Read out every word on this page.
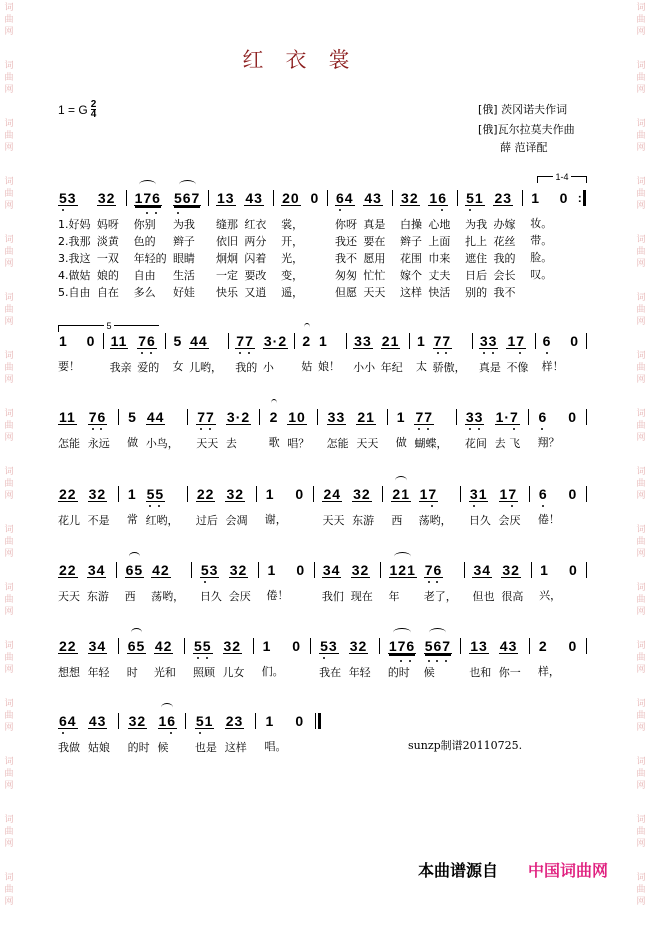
词
曲
网
词
曲
网
词
曲
网
词
曲
网
词
曲
网
词
曲
网
词
曲
网
词
曲
网
词
曲
网
词
曲
网
词
曲
网
词
曲
网
词
曲
网
词
曲
网
词
曲
网
词
曲
网
词
曲
网
词
曲
网
词
曲
网
词
曲
网
词
曲
网
词
曲
网
词
曲
网
词
曲
网
词
曲
网
词
曲
网
词
曲
网
词
曲
网
词
曲
网
词
曲
网
词
曲
网
词
曲
网
红衣裳
1 = G $\frac{2}{4}$	[俄] 茨冈诺夫作词
[俄]瓦尔拉莫夫作曲
薛 范译配
1-4
5
53
1.好妈
2.我那
3.我这
4.做姑
5.自由
32
妈呀
淡黄
一双
娘的
自在
176
你别
色的
年轻的
自由
多么
567
为我
辫子
眼睛
生活
好娃
13
缝那
依旧
炯炯
一定
快乐
43
红衣
两分
闪着
要改
又逍
20
裳，
开，
光，
变，
遥，
0 64
你呀
我还
我不
匆匆
但愿
43
真是
要在
愿用
忙忙
天天
32
白操
辫子
花围
嫁个
这样
16
心地
上面
巾来
丈夫
快活
51
为我
扎上
遮住
日后
别的
23
办嫁
花丝
我的
会长
我不
1
妆。
带。
脸。
叹。
0 :
1
要！
0 11
我亲
76
爱的
5
女
44
儿哟，
77
我的
3·2
小
2
姑
1
娘！
33
小小
21
年纪
1
太
77
骄傲，
33
真是
17
不像
6
样！
0
11
怎能
76
永远
5
做
44
小鸟，
77
天天
3·2
去
2
歌
10
唱？
33
怎能
21
天天
1
做
77
蝴蝶，
33
花间
1·7
去 飞
6
翔？
0
22
花儿
32
不是
1
常
55
红哟，
22
过后
32
会凋
1
谢，
0 24
天天
32
东游
21
西
17
荡哟，
31
日久
17
会厌
6
倦！
0
22
天天
34
东游
65
西
42
荡哟，
53
日久
32
会厌
1
倦！
0 34
我们
32
现在
121
年
76
老了，
34
但也
32
很高
1
兴，
0
22
想想
34
年轻
65
时
42
光和
55
照顾
32
儿女
1
们。
0 53
我在
32
年轻
176
的时
567
候
13
也和
43
你一
2
样，
0
64
我做
43
姑娘
32
的时
16
候
51
也是
23
这样
1
唱。
0
sunzp制谱20110725.
本曲谱源自 中国词曲网
